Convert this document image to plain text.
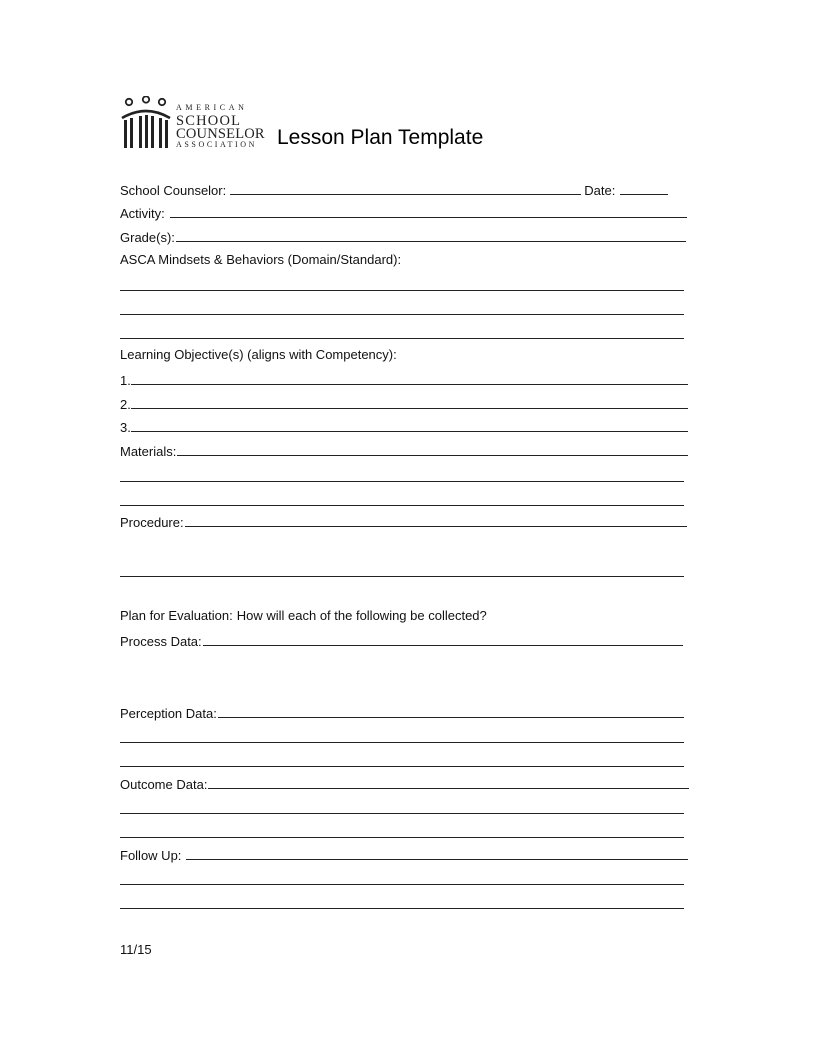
AMERICAN
SCHOOL
COUNSELOR
ASSOCIATION Lesson Plan Template
School Counselor:	Date:
Activity:
Grade(s):
ASCA Mindsets & Behaviors (Domain/Standard):
Learning Objective(s) (aligns with Competency):
1.
2.
3.
Materials:
Procedure:
Plan for Evaluation: How will each of the following be collected?
Process Data:
Perception Data:
Outcome Data:
Follow Up:
11/15
